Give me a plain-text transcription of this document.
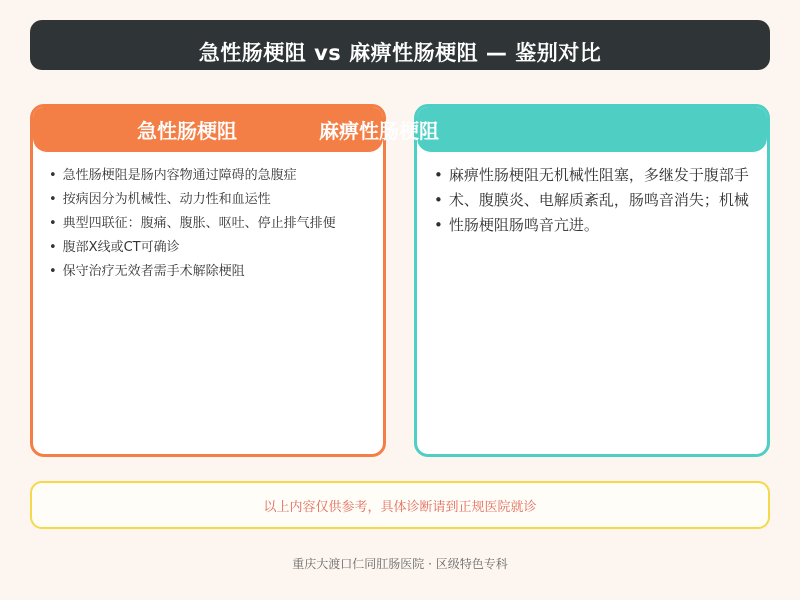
急性肠梗阻 vs 麻痹性肠梗阻 — 鉴别对比
急性肠梗阻	麻痹性肠梗阻
• 急性肠梗阻是肠内容物通过障碍的急腹症
• 按病因分为机械性、动力性和血运性
• 典型四联征：腹痛、腹胀、呕吐、停止排气排便
• 腹部X线或CT可确诊
• 保守治疗无效者需手术解除梗阻
• 麻痹性肠梗阻无机械性阻塞，多继发于腹部手
• 术、腹膜炎、电解质紊乱，肠鸣音消失；机械
• 性肠梗阻肠鸣音亢进。
以上内容仅供参考，具体诊断请到正规医院就诊
重庆大渡口仁同肛肠医院 · 区级特色专科
